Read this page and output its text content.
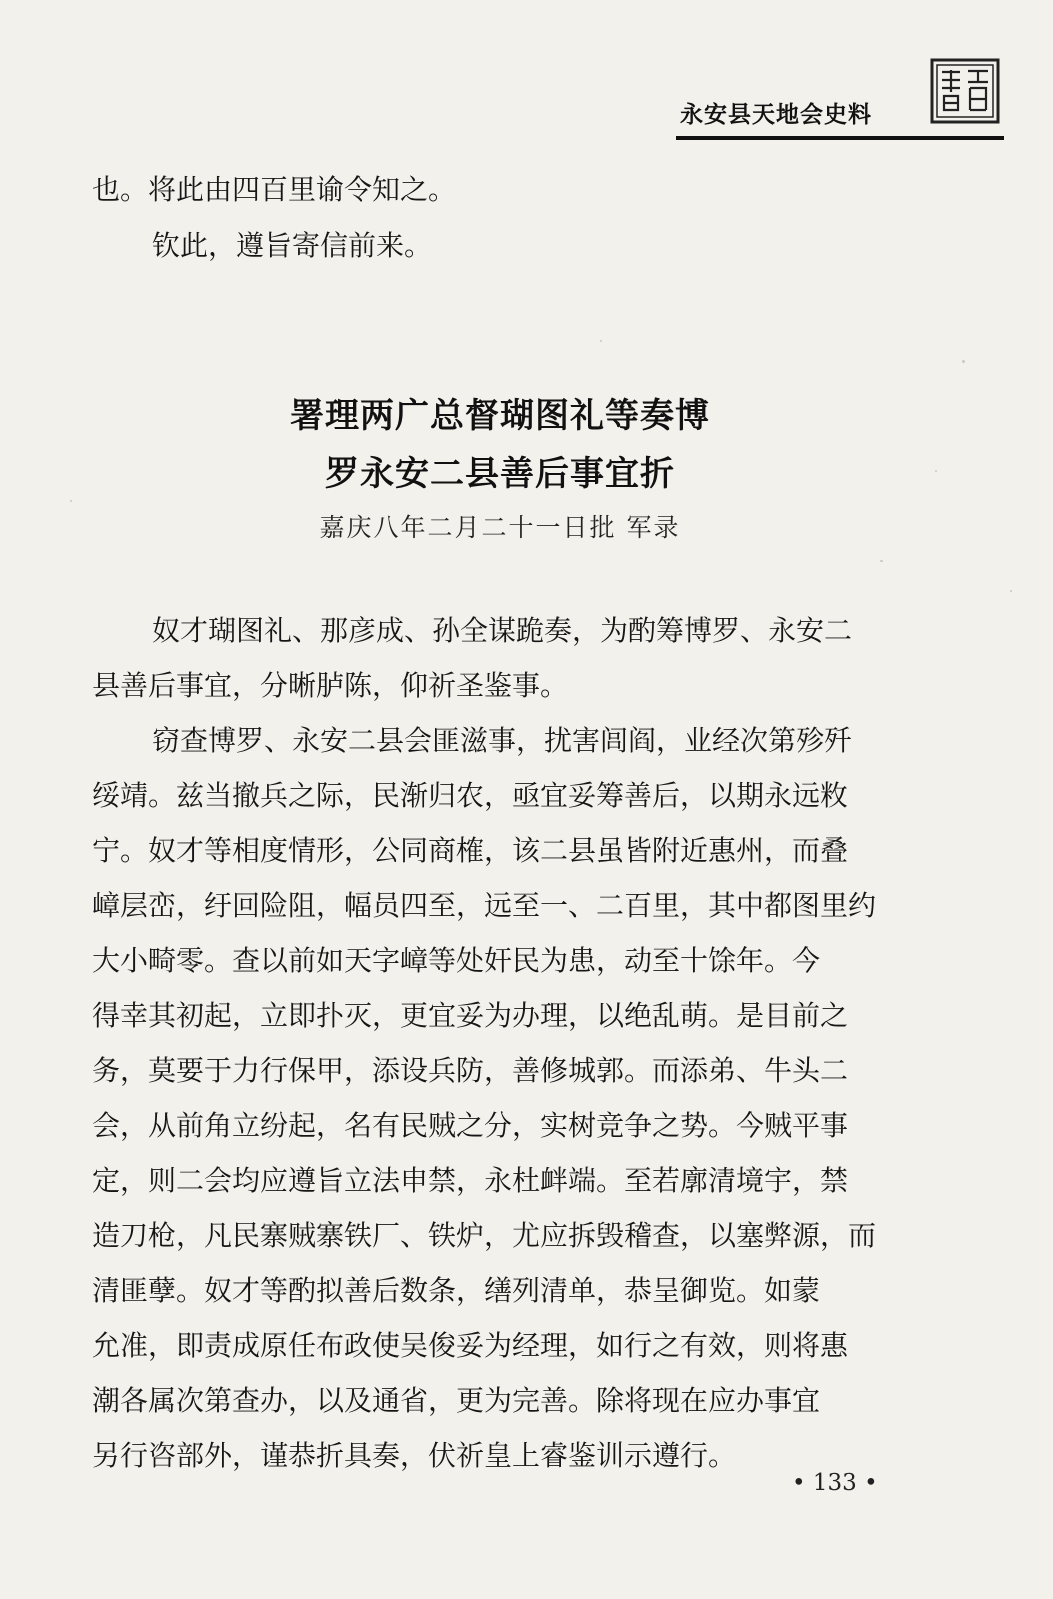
永安县天地会史料
也。将此由四百里谕令知之。
钦此，遵旨寄信前来。
署理两广总督瑚图礼等奏博
罗永安二县善后事宜折
嘉庆八年二月二十一日批 军录
奴才瑚图礼、那彦成、孙全谋跪奏，为酌筹博罗、永安二
县善后事宜，分晰胪陈，仰祈圣鉴事。
窃查博罗、永安二县会匪滋事，扰害闾阎，业经次第殄歼
绥靖。兹当撤兵之际，民渐归农，亟宜妥筹善后，以期永远敉
宁。奴才等相度情形，公同商榷，该二县虽皆附近惠州，而叠
嶂层峦，纡回险阻，幅员四至，远至一、二百里，其中都图里约
大小畸零。查以前如天字嶂等处奸民为患，动至十馀年。今
得幸其初起，立即扑灭，更宜妥为办理，以绝乱萌。是目前之
务，莫要于力行保甲，添设兵防，善修城郭。而添弟、牛头二
会，从前角立纷起，名有民贼之分，实树竞争之势。今贼平事
定，则二会均应遵旨立法申禁，永杜衅端。至若廓清境宇，禁
造刀枪，凡民寨贼寨铁厂、铁炉，尤应拆毁稽查，以塞弊源，而
清匪孽。奴才等酌拟善后数条，缮列清单，恭呈御览。如蒙
允准，即责成原任布政使吴俊妥为经理，如行之有效，则将惠
潮各属次第查办，以及通省，更为完善。除将现在应办事宜
另行咨部外，谨恭折具奏，伏祈皇上睿鉴训示遵行。
• 133 •
